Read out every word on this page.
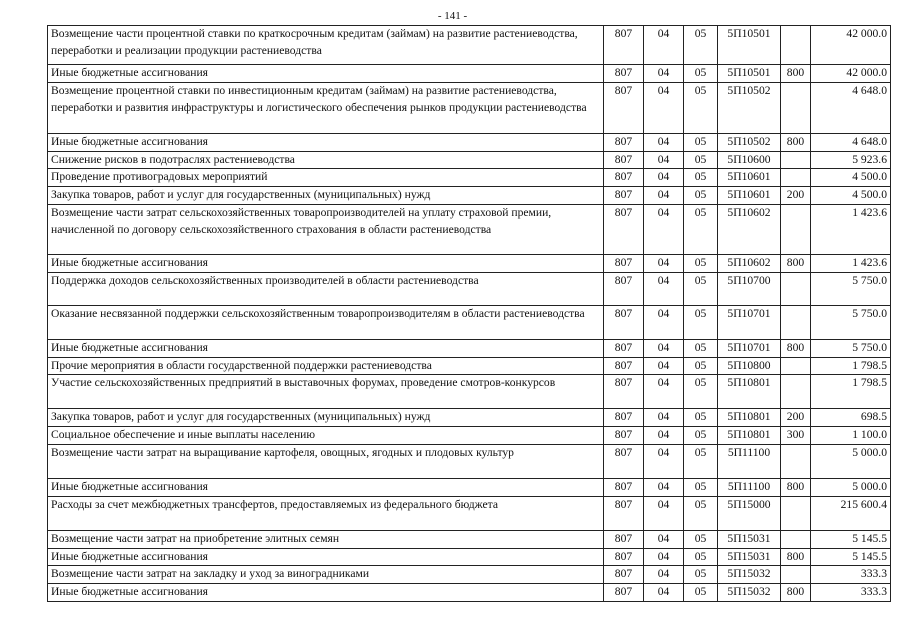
- 141 -
Возмещение части процентной ставки по краткосрочным кредитам (займам) на развитие растениеводства, переработки и реализации продукции растениеводства	807	04	05	5П10501		42 000.0
Иные бюджетные ассигнования	807	04	05	5П10501	800	42 000.0
Возмещение процентной ставки по инвестиционным кредитам (займам) на развитие растениеводства, переработки и развития инфраструктуры и логистического обеспечения рынков продукции растениеводства	807	04	05	5П10502		4 648.0
Иные бюджетные ассигнования	807	04	05	5П10502	800	4 648.0
Снижение рисков в подотраслях растениеводства	807	04	05	5П10600		5 923.6
Проведение противоградовых мероприятий	807	04	05	5П10601		4 500.0
Закупка товаров, работ и услуг для государственных (муниципальных) нужд	807	04	05	5П10601	200	4 500.0
Возмещение части затрат сельскохозяйственных товаропроизводителей на уплату страховой премии, начисленной по договору сельскохозяйственного страхования в области растениеводства	807	04	05	5П10602		1 423.6
Иные бюджетные ассигнования	807	04	05	5П10602	800	1 423.6
Поддержка доходов сельскохозяйственных производителей в области растениеводства	807	04	05	5П10700		5 750.0
Оказание несвязанной поддержки сельскохозяйственным товаропроизводителям в области растениеводства	807	04	05	5П10701		5 750.0
Иные бюджетные ассигнования	807	04	05	5П10701	800	5 750.0
Прочие мероприятия в области государственной поддержки растениеводства	807	04	05	5П10800		1 798.5
Участие сельскохозяйственных предприятий в выставочных форумах, проведение смотров-конкурсов	807	04	05	5П10801		1 798.5
Закупка товаров, работ и услуг для государственных (муниципальных) нужд	807	04	05	5П10801	200	698.5
Социальное обеспечение и иные выплаты населению	807	04	05	5П10801	300	1 100.0
Возмещение части затрат на выращивание картофеля, овощных, ягодных и плодовых культур	807	04	05	5П11100		5 000.0
Иные бюджетные ассигнования	807	04	05	5П11100	800	5 000.0
Расходы за счет межбюджетных трансфертов, предоставляемых из федерального бюджета	807	04	05	5П15000		215 600.4
Возмещение части затрат на приобретение элитных семян	807	04	05	5П15031		5 145.5
Иные бюджетные ассигнования	807	04	05	5П15031	800	5 145.5
Возмещение части затрат на закладку и уход за виноградниками	807	04	05	5П15032		333.3
Иные бюджетные ассигнования	807	04	05	5П15032	800	333.3
